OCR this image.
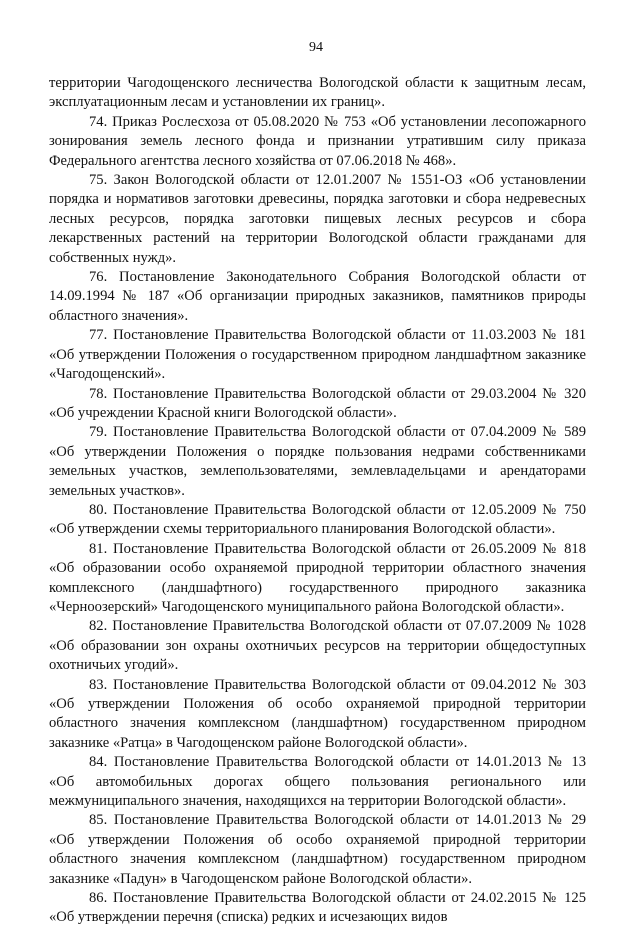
94

территории Чагодощенского лесничества Вологодской области к защитным лесам, эксплуатационным лесам и установлении их границ».

74. Приказ Рослесхоза от 05.08.2020 № 753 «Об установлении лесопожарного зонирования земель лесного фонда и признании утратившим силу приказа Федерального агентства лесного хозяйства от 07.06.2018 № 468».

75. Закон Вологодской области от 12.01.2007 № 1551-ОЗ «Об установлении порядка и нормативов заготовки древесины, порядка заготовки и сбора недревесных лесных ресурсов, порядка заготовки пищевых лесных ресурсов и сбора лекарственных растений на территории Вологодской области гражданами для собственных нужд».

76. Постановление Законодательного Собрания Вологодской области от 14.09.1994 № 187 «Об организации природных заказников, памятников природы областного значения».

77. Постановление Правительства Вологодской области от 11.03.2003 № 181 «Об утверждении Положения о государственном природном ландшафтном заказнике «Чагодощенский».

78. Постановление Правительства Вологодской области от 29.03.2004 № 320 «Об учреждении Красной книги Вологодской области».

79. Постановление Правительства Вологодской области от 07.04.2009 № 589 «Об утверждении Положения о порядке пользования недрами собственниками земельных участков, землепользователями, землевладельцами и арендаторами земельных участков».

80. Постановление Правительства Вологодской области от 12.05.2009 № 750 «Об утверждении схемы территориального планирования Вологодской области».

81. Постановление Правительства Вологодской области от 26.05.2009 № 818 «Об образовании особо охраняемой природной территории областного значения комплексного (ландшафтного) государственного природного заказника «Черноозерский» Чагодощенского муниципального района Вологодской области».

82. Постановление Правительства Вологодской области от 07.07.2009 № 1028 «Об образовании зон охраны охотничьих ресурсов на территории общедоступных охотничьих угодий».

83. Постановление Правительства Вологодской области от 09.04.2012 № 303 «Об утверждении Положения об особо охраняемой природной территории областного значения комплексном (ландшафтном) государственном природном заказнике «Ратца» в Чагодощенском районе Вологодской области».

84. Постановление Правительства Вологодской области от 14.01.2013 № 13 «Об автомобильных дорогах общего пользования регионального или межмуниципального значения, находящихся на территории Вологодской области».

85. Постановление Правительства Вологодской области от 14.01.2013 № 29 «Об утверждении Положения об особо охраняемой природной территории областного значения комплексном (ландшафтном) государственном природном заказнике «Падун» в Чагодощенском районе Вологодской области».

86. Постановление Правительства Вологодской области от 24.02.2015 № 125 «Об утверждении перечня (списка) редких и исчезающих видов
